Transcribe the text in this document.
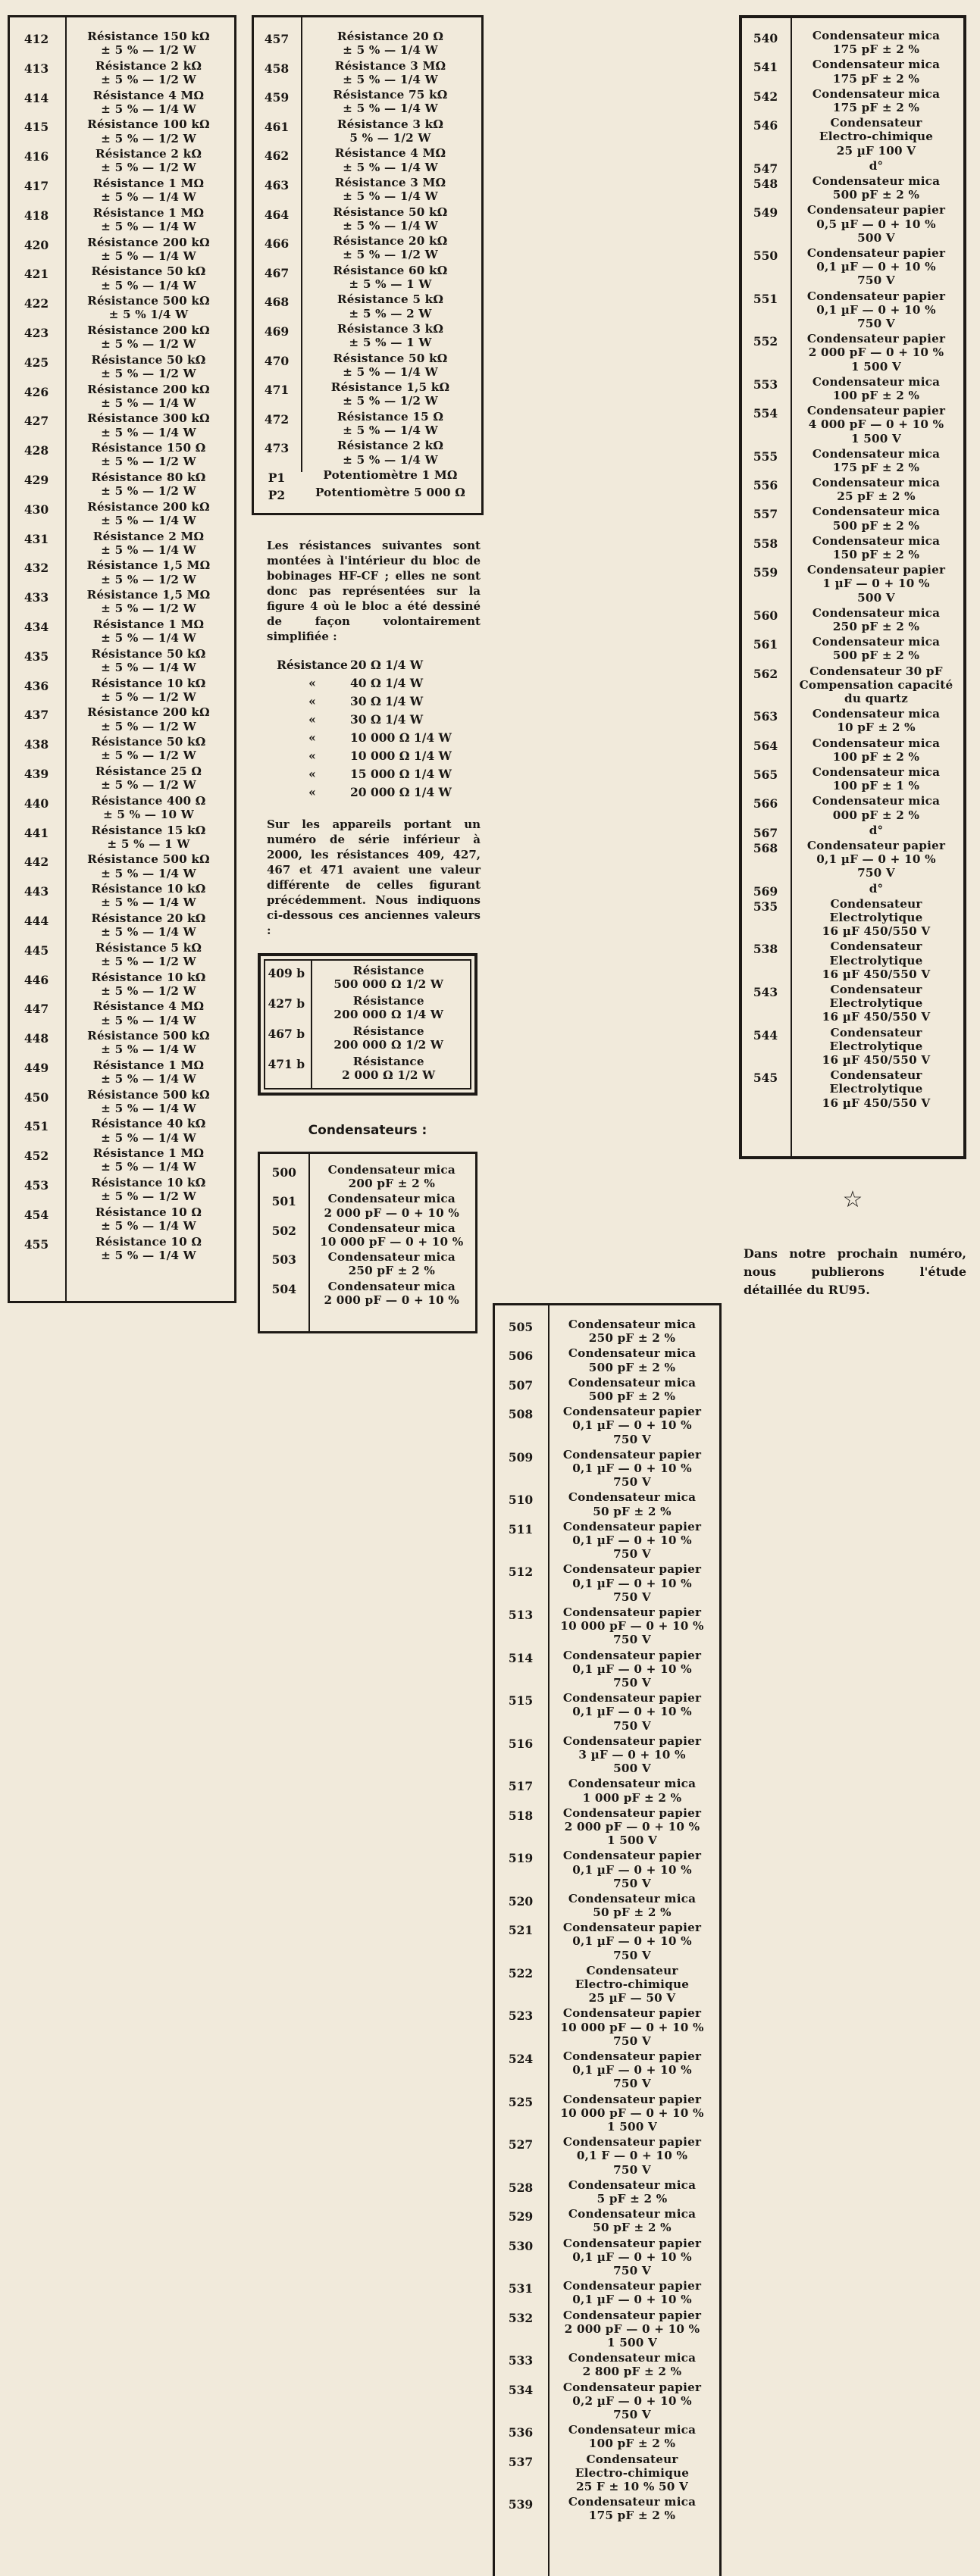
412	Résistance 150 kΩ
± 5 % — 1/2 W
413	Résistance 2 kΩ
± 5 % — 1/2 W
414	Résistance 4 MΩ
± 5 % — 1/4 W
415	Résistance 100 kΩ
± 5 % — 1/2 W
416	Résistance 2 kΩ
± 5 % — 1/2 W
417	Résistance 1 MΩ
± 5 % — 1/4 W
418	Résistance 1 MΩ
± 5 % — 1/4 W
420	Résistance 200 kΩ
± 5 % — 1/4 W
421	Résistance 50 kΩ
± 5 % — 1/4 W
422	Résistance 500 kΩ
± 5 % 1/4 W
423	Résistance 200 kΩ
± 5 % — 1/2 W
425	Résistance 50 kΩ
± 5 % — 1/2 W
426	Résistance 200 kΩ
± 5 % — 1/4 W
427	Résistance 300 kΩ
± 5 % — 1/4 W
428	Résistance 150 Ω
± 5 % — 1/2 W
429	Résistance 80 kΩ
± 5 % — 1/2 W
430	Résistance 200 kΩ
± 5 % — 1/4 W
431	Résistance 2 MΩ
± 5 % — 1/4 W
432	Résistance 1,5 MΩ
± 5 % — 1/2 W
433	Résistance 1,5 MΩ
± 5 % — 1/2 W
434	Résistance 1 MΩ
± 5 % — 1/4 W
435	Résistance 50 kΩ
± 5 % — 1/4 W
436	Résistance 10 kΩ
± 5 % — 1/2 W
437	Résistance 200 kΩ
± 5 % — 1/2 W
438	Résistance 50 kΩ
± 5 % — 1/2 W
439	Résistance 25 Ω
± 5 % — 1/2 W
440	Résistance 400 Ω
± 5 % — 10 W
441	Résistance 15 kΩ
± 5 % — 1 W
442	Résistance 500 kΩ
± 5 % — 1/4 W
443	Résistance 10 kΩ
± 5 % — 1/4 W
444	Résistance 20 kΩ
± 5 % — 1/4 W
445	Résistance 5 kΩ
± 5 % — 1/2 W
446	Résistance 10 kΩ
± 5 % — 1/2 W
447	Résistance 4 MΩ
± 5 % — 1/4 W
448	Résistance 500 kΩ
± 5 % — 1/4 W
449	Résistance 1 MΩ
± 5 % — 1/4 W
450	Résistance 500 kΩ
± 5 % — 1/4 W
451	Résistance 40 kΩ
± 5 % — 1/4 W
452	Résistance 1 MΩ
± 5 % — 1/4 W
453	Résistance 10 kΩ
± 5 % — 1/2 W
454	Résistance 10 Ω
± 5 % — 1/4 W
455	Résistance 10 Ω
± 5 % — 1/4 W
457	Résistance 20 Ω
± 5 % — 1/4 W
458	Résistance 3 MΩ
± 5 % — 1/4 W
459	Résistance 75 kΩ
± 5 % — 1/4 W
461	Résistance 3 kΩ
5 % — 1/2 W
462	Résistance 4 MΩ
± 5 % — 1/4 W
463	Résistance 3 MΩ
± 5 % — 1/4 W
464	Résistance 50 kΩ
± 5 % — 1/4 W
466	Résistance 20 kΩ
± 5 % — 1/2 W
467	Résistance 60 kΩ
± 5 % — 1 W
468	Résistance 5 kΩ
± 5 % — 2 W
469	Résistance 3 kΩ
± 5 % — 1 W
470	Résistance 50 kΩ
± 5 % — 1/4 W
471	Résistance 1,5 kΩ
± 5 % — 1/2 W
472	Résistance 15 Ω
± 5 % — 1/4 W
473	Résistance 2 kΩ
± 5 % — 1/4 W
P1	Potentiomètre 1 MΩ
P2	Potentiomètre 5 000 Ω
Les résistances suivantes sont montées à l'intérieur du bloc de bobinages HF-CF ; elles ne sont donc pas représentées sur la figure 4 où le bloc a été dessiné de façon volontairement simplifiée :
Résistance 20 Ω 1/4 W
«	40 Ω 1/4 W
«	30 Ω 1/4 W
«	30 Ω 1/4 W
«	10 000 Ω 1/4 W
«	10 000 Ω 1/4 W
«	15 000 Ω 1/4 W
«	20 000 Ω 1/4 W
Sur les appareils portant un numéro de série inférieur à 2000, les résistances 409, 427, 467 et 471 avaient une valeur différente de celles figurant précédemment. Nous indiquons ci-dessous ces anciennes valeurs :
409 b	Résistance
500 000 Ω 1/2 W
427 b	Résistance
200 000 Ω 1/4 W
467 b	Résistance
200 000 Ω 1/2 W
471 b	Résistance
2 000 Ω 1/2 W
Condensateurs :
500	Condensateur mica
200 pF ± 2 %
501	Condensateur mica
2 000 pF — 0 + 10 %
502	Condensateur mica
10 000 pF — 0 + 10 %
503	Condensateur mica
250 pF ± 2 %
504	Condensateur mica
2 000 pF — 0 + 10 %
505	Condensateur mica
250 pF ± 2 %
506	Condensateur mica
500 pF ± 2 %
507	Condensateur mica
500 pF ± 2 %
508	Condensateur papier
0,1 µF — 0 + 10 %
750 V
509	Condensateur papier
0,1 µF — 0 + 10 %
750 V
510	Condensateur mica
50 pF ± 2 %
511	Condensateur papier
0,1 µF — 0 + 10 %
750 V
512	Condensateur papier
0,1 µF — 0 + 10 %
750 V
513	Condensateur papier
10 000 pF — 0 + 10 %
750 V
514	Condensateur papier
0,1 µF — 0 + 10 %
750 V
515	Condensateur papier
0,1 µF — 0 + 10 %
750 V
516	Condensateur papier
3 µF — 0 + 10 %
500 V
517	Condensateur mica
1 000 pF ± 2 %
518	Condensateur papier
2 000 pF — 0 + 10 %
1 500 V
519	Condensateur papier
0,1 µF — 0 + 10 %
750 V
520	Condensateur mica
50 pF ± 2 %
521	Condensateur papier
0,1 µF — 0 + 10 %
750 V
522	Condensateur
Electro-chimique
25 µF — 50 V
523	Condensateur papier
10 000 pF — 0 + 10 %
750 V
524	Condensateur papier
0,1 µF — 0 + 10 %
750 V
525	Condensateur papier
10 000 pF — 0 + 10 %
1 500 V
527	Condensateur papier
0,1 F — 0 + 10 %
750 V
528	Condensateur mica
5 pF ± 2 %
529	Condensateur mica
50 pF ± 2 %
530	Condensateur papier
0,1 µF — 0 + 10 %
750 V
531	Condensateur papier
0,1 µF — 0 + 10 %
532	Condensateur papier
2 000 pF — 0 + 10 %
1 500 V
533	Condensateur mica
2 800 pF ± 2 %
534	Condensateur papier
0,2 µF — 0 + 10 %
750 V
536	Condensateur mica
100 pF ± 2 %
537	Condensateur
Electro-chimique
25 F ± 10 % 50 V
539	Condensateur mica
175 pF ± 2 %
540	Condensateur mica
175 pF ± 2 %
541	Condensateur mica
175 pF ± 2 %
542	Condensateur mica
175 pF ± 2 %
546	Condensateur
Electro-chimique
25 µF 100 V
547	d°
548	Condensateur mica
500 pF ± 2 %
549	Condensateur papier
0,5 µF — 0 + 10 %
500 V
550	Condensateur papier
0,1 µF — 0 + 10 %
750 V
551	Condensateur papier
0,1 µF — 0 + 10 %
750 V
552	Condensateur papier
2 000 pF — 0 + 10 %
1 500 V
553	Condensateur mica
100 pF ± 2 %
554	Condensateur papier
4 000 pF — 0 + 10 %
1 500 V
555	Condensateur mica
175 pF ± 2 %
556	Condensateur mica
25 pF ± 2 %
557	Condensateur mica
500 pF ± 2 %
558	Condensateur mica
150 pF ± 2 %
559	Condensateur papier
1 µF — 0 + 10 %
500 V
560	Condensateur mica
250 pF ± 2 %
561	Condensateur mica
500 pF ± 2 %
562	Condensateur 30 pF
Compensation capacité
du quartz
563	Condensateur mica
10 pF ± 2 %
564	Condensateur mica
100 pF ± 2 %
565	Condensateur mica
100 pF ± 1 %
566	Condensateur mica
000 pF ± 2 %
567	d°
568	Condensateur papier
0,1 µF — 0 + 10 %
750 V
569	d°
535	Condensateur
Electrolytique
16 µF 450/550 V
538	Condensateur
Electrolytique
16 µF 450/550 V
543	Condensateur
Electrolytique
16 µF 450/550 V
544	Condensateur
Electrolytique
16 µF 450/550 V
545	Condensateur
Electrolytique
16 µF 450/550 V
☆
Dans notre prochain numéro, nous publierons l'étude détaillée du RU95.
